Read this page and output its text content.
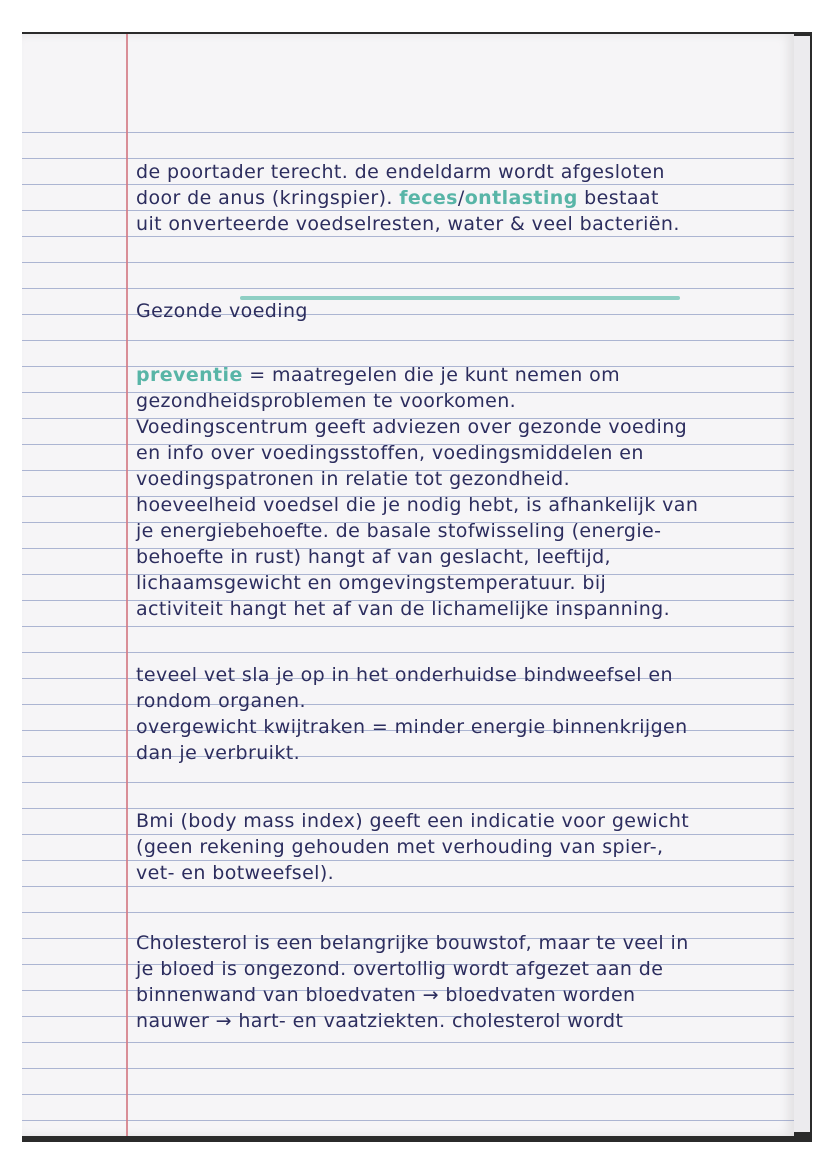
de poortader terecht. de endeldarm wordt afgesloten
door de anus (kringspier). feces/ontlasting bestaat
uit onverteerde voedselresten, water & veel bacteriën.
Gezonde voeding
preventie = maatregelen die je kunt nemen om
gezondheidsproblemen te voorkomen.
Voedingscentrum geeft adviezen over gezonde voeding
en info over voedingsstoffen, voedingsmiddelen en
voedingspatronen in relatie tot gezondheid.
hoeveelheid voedsel die je nodig hebt, is afhankelijk van
je energiebehoefte. de basale stofwisseling (energie-
behoefte in rust) hangt af van geslacht, leeftijd,
lichaamsgewicht en omgevingstemperatuur. bij
activiteit hangt het af van de lichamelijke inspanning.
teveel vet sla je op in het onderhuidse bindweefsel en
rondom organen.
overgewicht kwijtraken = minder energie binnenkrijgen
dan je verbruikt.
Bmi (body mass index) geeft een indicatie voor gewicht
(geen rekening gehouden met verhouding van spier-,
vet- en botweefsel).
Cholesterol is een belangrijke bouwstof, maar te veel in
je bloed is ongezond. overtollig wordt afgezet aan de
binnenwand van bloedvaten → bloedvaten worden
nauwer → hart- en vaatziekten. cholesterol wordt
